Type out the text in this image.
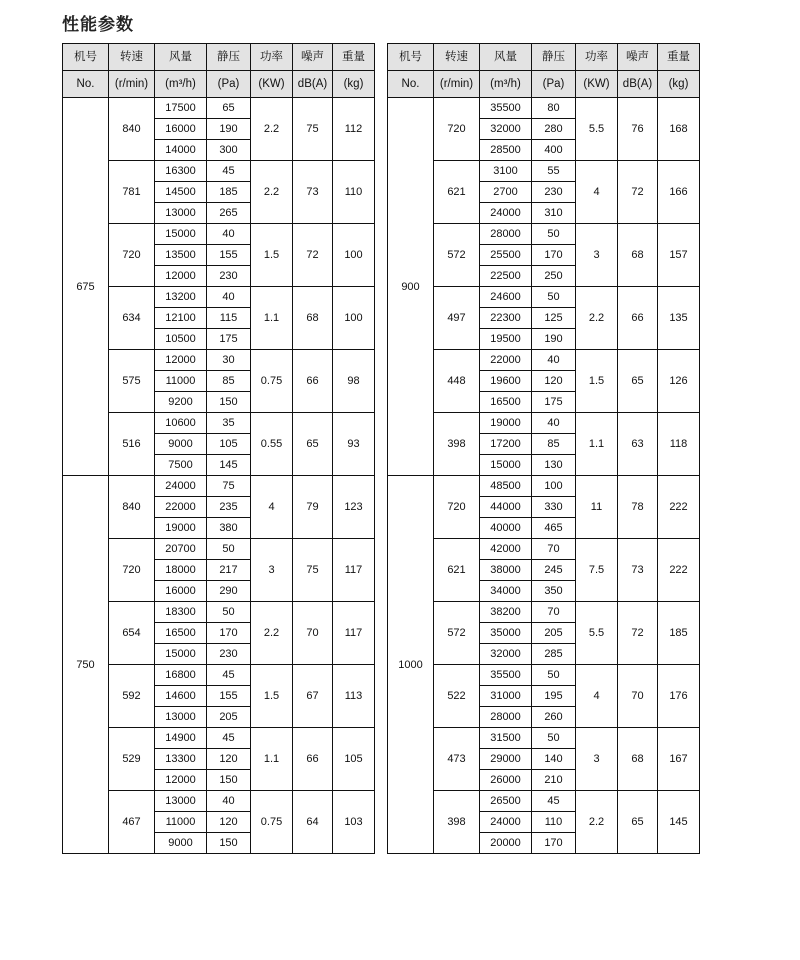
性能参数
机号	转速	风量	静压	功率	噪声	重量
No.	(r/min)	(m³/h)	(Pa)	(KW)	dB(A)	(kg)
675	840	17500	65	2.2	75	112
		16000	190			
		14000	300			
	781	16300	45	2.2	73	110
		14500	185			
		13000	265			
	720	15000	40	1.5	72	100
		13500	155			
		12000	230			
	634	13200	40	1.1	68	100
		12100	115			
		10500	175			
	575	12000	30	0.75	66	98
		11000	85			
		9200	150			
	516	10600	35	0.55	65	93
		9000	105			
		7500	145			
750	840	24000	75	4	79	123
		22000	235			
		19000	380			
	720	20700	50	3	75	117
		18000	217			
		16000	290			
	654	18300	50	2.2	70	117
		16500	170			
		15000	230			
	592	16800	45	1.5	67	113
		14600	155			
		13000	205			
	529	14900	45	1.1	66	105
		13300	120			
		12000	150			
	467	13000	40	0.75	64	103
		11000	120			
		9000	150			
机号	转速	风量	静压	功率	噪声	重量
No.	(r/min)	(m³/h)	(Pa)	(KW)	dB(A)	(kg)
900	720	35500	80	5.5	76	168
		32000	280			
		28500	400			
	621	3100	55	4	72	166
		2700	230			
		24000	310			
	572	28000	50	3	68	157
		25500	170			
		22500	250			
	497	24600	50	2.2	66	135
		22300	125			
		19500	190			
	448	22000	40	1.5	65	126
		19600	120			
		16500	175			
	398	19000	40	1.1	63	118
		17200	85			
		15000	130			
1000	720	48500	100	11	78	222
		44000	330			
		40000	465			
	621	42000	70	7.5	73	222
		38000	245			
		34000	350			
	572	38200	70	5.5	72	185
		35000	205			
		32000	285			
	522	35500	50	4	70	176
		31000	195			
		28000	260			
	473	31500	50	3	68	167
		29000	140			
		26000	210			
	398	26500	45	2.2	65	145
		24000	110			
		20000	170			
